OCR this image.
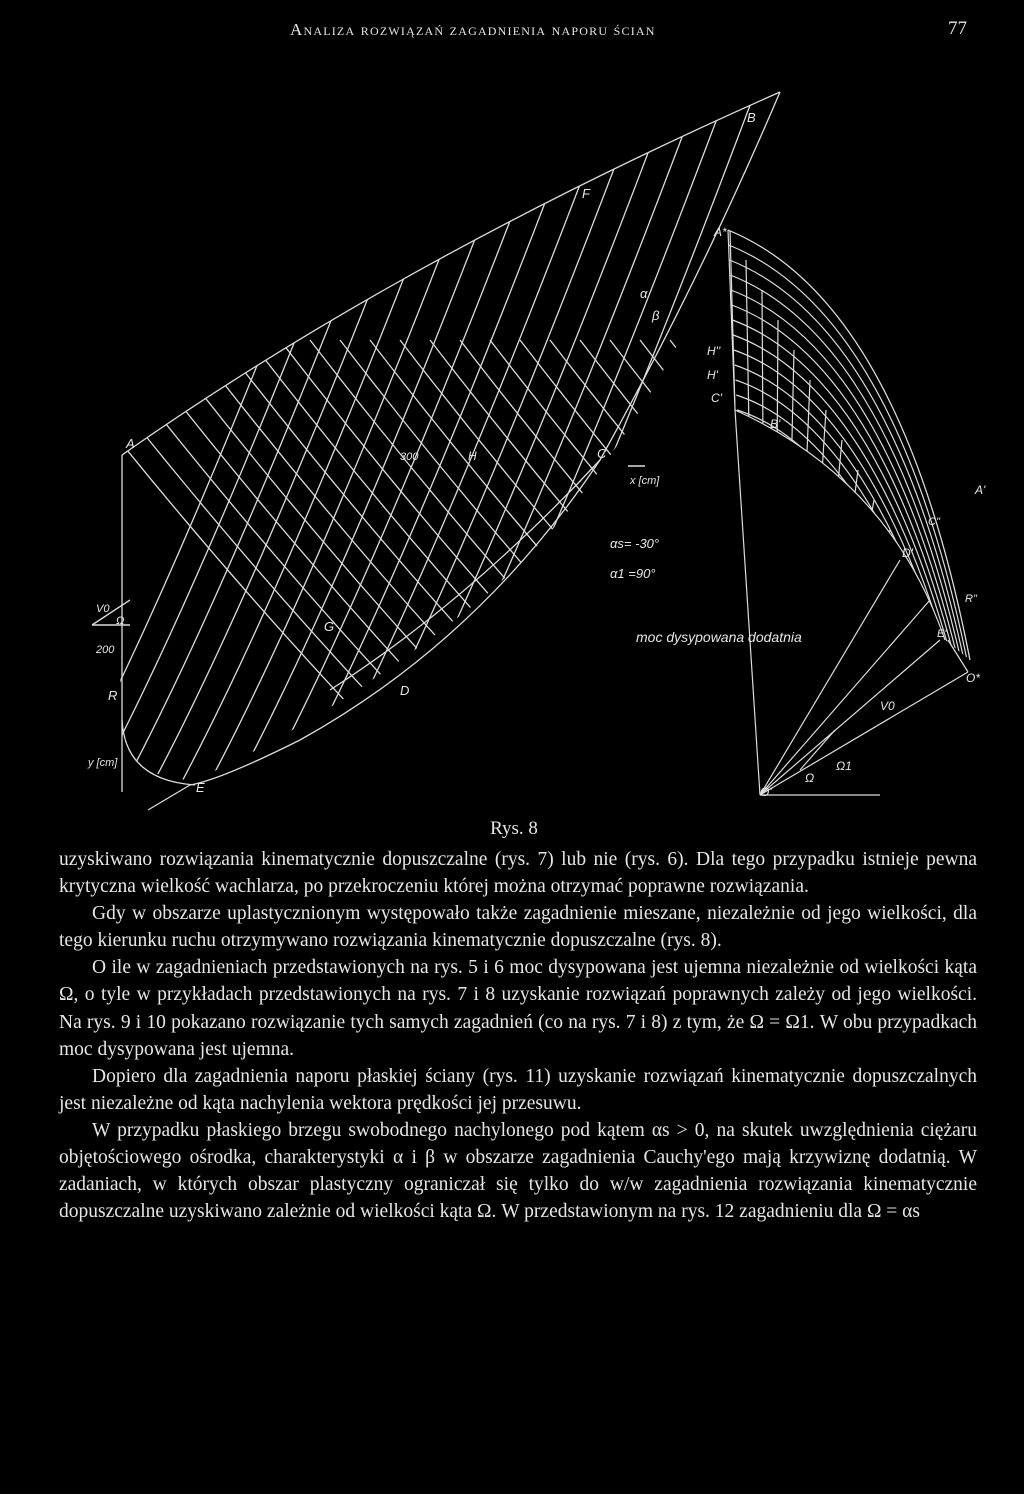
Analiza rozwiązań zagadnienia naporu ścian	77
B
F
A*
α
β
H''
H'
C'
B'
A
300	H	C
x [cm]
A'
αs= -30°
α1 =90°
C''
D'
V0
Ω
200
G
moc dysypowana dodatnia
R''
E'
R	D
O*
V0
y [cm]
E
Ω1
O'
Ω
Rys. 8

uzyskiwano rozwiązania kinematycznie dopuszczalne (rys. 7) lub nie (rys. 6). Dla tego przypadku istnieje pewna krytyczna wielkość wachlarza, po przekroczeniu której można otrzymać poprawne rozwiązania.

Gdy w obszarze uplastycznionym występowało także zagadnienie mieszane, niezależnie od jego wielkości, dla tego kierunku ruchu otrzymywano rozwiązania kinematycznie dopuszczalne (rys. 8).

O ile w zagadnieniach przedstawionych na rys. 5 i 6 moc dysypowana jest ujemna niezależnie od wielkości kąta Ω, o tyle w przykładach przedstawionych na rys. 7 i 8 uzyskanie rozwiązań poprawnych zależy od jego wielkości. Na rys. 9 i 10 pokazano rozwiązanie tych samych zagadnień (co na rys. 7 i 8) z tym, że Ω = Ω1. W obu przypadkach moc dysypowana jest ujemna.

Dopiero dla zagadnienia naporu płaskiej ściany (rys. 11) uzyskanie rozwiązań kinematycznie dopuszczalnych jest niezależne od kąta nachylenia wektora prędkości jej przesuwu.

W przypadku płaskiego brzegu swobodnego nachylonego pod kątem αs > 0, na skutek uwzględnienia ciężaru objętościowego ośrodka, charakterystyki α i β w obszarze zagadnienia Cauchy'ego mają krzywiznę dodatnią. W zadaniach, w których obszar plastyczny ograniczał się tylko do w/w zagadnienia rozwiązania kinematycznie dopuszczalne uzyskiwano zależnie od wielkości kąta Ω. W przedstawionym na rys. 12 zagadnieniu dla Ω = αs
